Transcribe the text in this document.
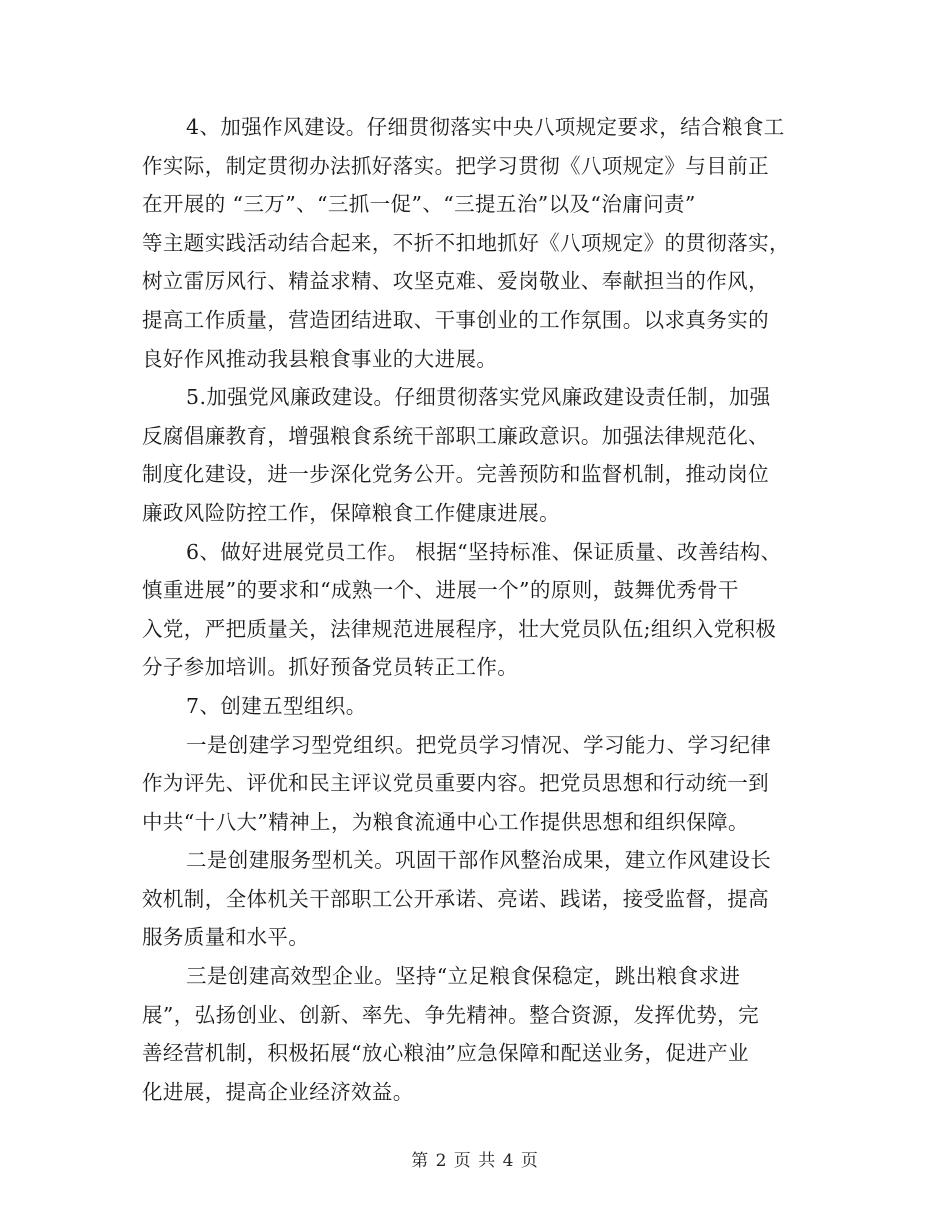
4、加强作风建设。仔细贯彻落实中央八项规定要求，结合粮食工
作实际，制定贯彻办法抓好落实。把学习贯彻《八项规定》与目前正
在开展的 “三万”、“三抓一促”、“三提五治”以及“治庸问责”
等主题实践活动结合起来，不折不扣地抓好《八项规定》的贯彻落实，
树立雷厉风行、精益求精、攻坚克难、爱岗敬业、奉献担当的作风，
提高工作质量，营造团结进取、干事创业的工作氛围。以求真务实的
良好作风推动我县粮食事业的大进展。

5.加强党风廉政建设。仔细贯彻落实党风廉政建设责任制，加强
反腐倡廉教育，增强粮食系统干部职工廉政意识。加强法律规范化、
制度化建设，进一步深化党务公开。完善预防和监督机制，推动岗位
廉政风险防控工作，保障粮食工作健康进展。

6、做好进展党员工作。 根据“坚持标准、保证质量、改善结构、
慎重进展”的要求和“成熟一个、进展一个”的原则，鼓舞优秀骨干
入党，严把质量关，法律规范进展程序，壮大党员队伍;组织入党积极
分子参加培训。抓好预备党员转正工作。

7、创建五型组织。

一是创建学习型党组织。把党员学习情况、学习能力、学习纪律
作为评先、评优和民主评议党员重要内容。把党员思想和行动统一到
中共“十八大”精神上，为粮食流通中心工作提供思想和组织保障。

二是创建服务型机关。巩固干部作风整治成果，建立作风建设长
效机制，全体机关干部职工公开承诺、亮诺、践诺，接受监督，提高
服务质量和水平。

三是创建高效型企业。坚持“立足粮食保稳定，跳出粮食求进
展”，弘扬创业、创新、率先、争先精神。整合资源，发挥优势，完
善经营机制，积极拓展“放心粮油”应急保障和配送业务，促进产业
化进展，提高企业经济效益。

第 2 页 共 4 页
